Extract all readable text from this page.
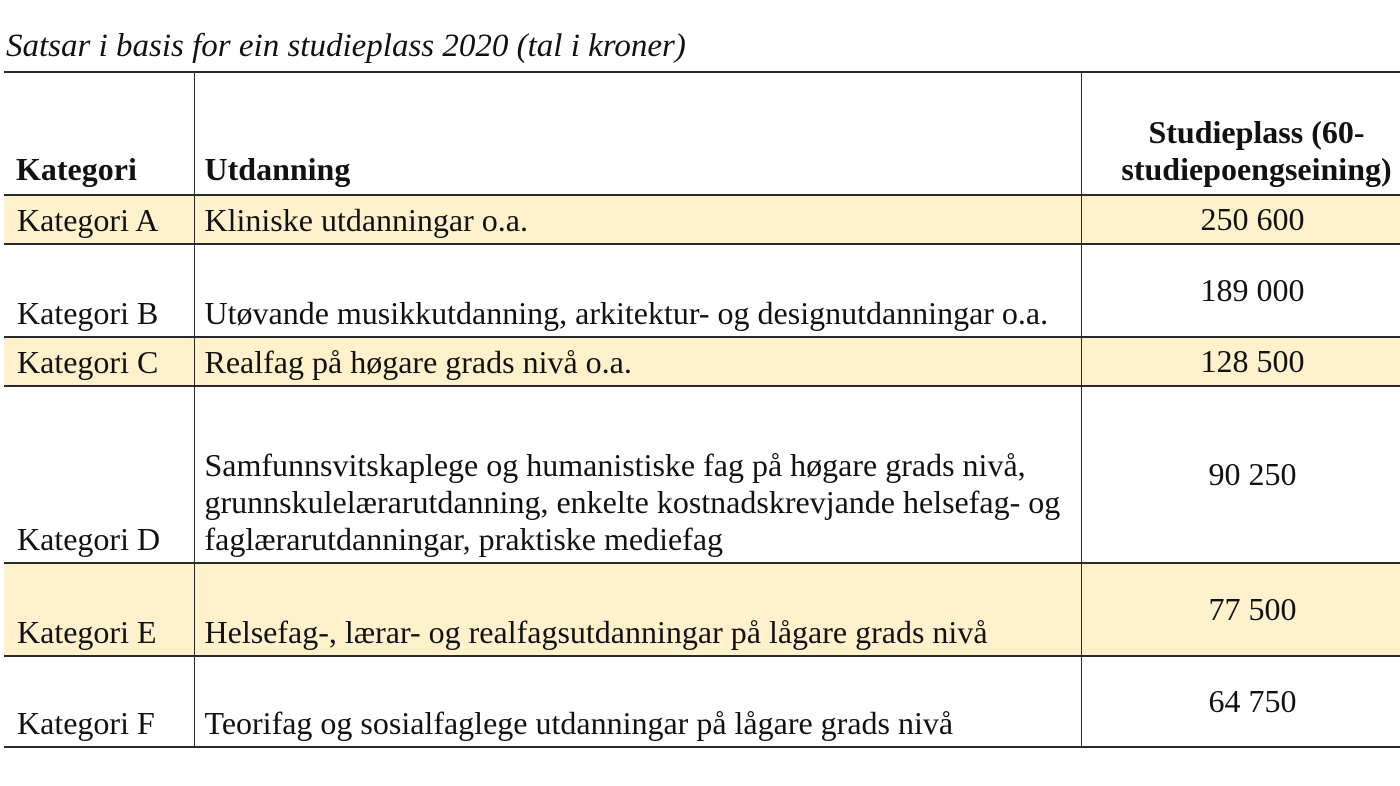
Satsar i basis for ein studieplass 2020 (tal i kroner)
Kategori	Utdanning	Studieplass (60-
studiepoengseining)
Kategori A	Kliniske utdanningar o.a.	250 600
Kategori B	Utøvande musikkutdanning, arkitektur- og designutdanningar o.a.	189 000
Kategori C	Realfag på høgare grads nivå o.a.	128 500
Kategori D	Samfunnsvitskaplege og humanistiske fag på høgare grads nivå, grunnskulelærarutdanning, enkelte kostnadskrevjande helsefag- og faglærarutdanningar, praktiske mediefag	90 250
Kategori E	Helsefag-, lærar- og realfagsutdanningar på lågare grads nivå	77 500
Kategori F	Teorifag og sosialfaglege utdanningar på lågare grads nivå	64 750
